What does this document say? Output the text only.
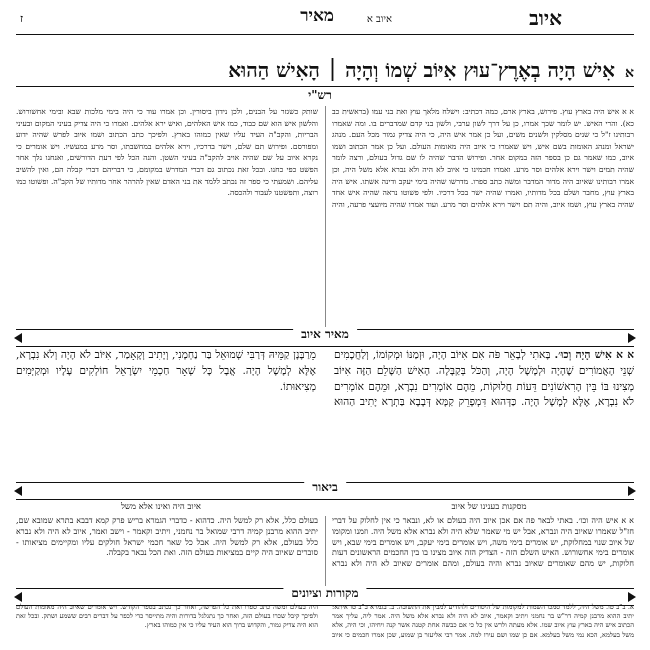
איוב
איוב א
מאיר
ז
אאִישׁ הָיָה בְאֶרֶץ־עוּץ אִיּוֹב שְׁמוֹ וְהָיָה ׀ הָאִישׁ הַהוּא
רש"י
א א איש היה בארץ עוץ. פירוש, בארץ ארם, כמה דכתיב: וישלח מלאך עוץ ואת בני עמו (בראשית כב כא). והרי האיש. יש לומר שכך אמרו, כן על דרך לשון ערבי, ולשון בני קדם שמדברים בו. ומה שאמרו רבותינו ז"ל כי שנים מסלקין ולשנים משים, ועל כן אמר איש היה, כי היה צדיק גמור מכל העם. מנהג ישראל ומנהג האומות בשם איש, ויש שאמרו כי איוב היה מאומות העולם. ועל כן אמר הכתוב ושמו איוב, כמו שאמר גם כן בספר הזה במקום אחר. ופירוש הדבר שהיה לו שם גדול בעולם, ורצה לומר שהיה תמים וישר וירא אלהים וסר מרע. ואמרו חכמינו כי איוב לא היה ולא נברא אלא משל היה, וכן אמרו רבותינו שאיוב היה מדור המדבר ומשה כתב ספרו. מדרשו שהיה בימי יעקב ודינה אשתו. איש היה בארץ עוץ, מחבר ושלם בכל מדותיו, ואמרו שהיה ישר בכל דרכיו. ולפי פשוטו נראה שהיה איש אחד שהיה בארץ עוץ, ושמו איוב, והיה תם וישר וירא אלהים וסר מרע. ועוד אמרו שהיה מיועצי פרעה, והיה שותק כשגזר על הבנים, ולכן נידון ביסורין. וכן אמרו עוד כי היה בימי מלכות שבא ובימי אחשורוש. והלשון איש הוא שם כבוד, כמו איש האלהים, ואיש ירא אלהים. ואמרו כי היה צדיק בעיני המקום ובעיני הבריות, והקב"ה העיד עליו שאין כמוהו בארץ. ולפיכך כתב הכתוב ושמו איוב לפרש שהיה ידוע ומפורסם. ופירוש תם שלם, וישר בדרכיו, וירא אלהים במחשבתו, וסר מרע במעשיו. ויש אומרים כי נקרא איוב על שם שהיה אויב להקב"ה בעיני השטן. והנה הכל לפי דעת הדורשים, ואנחנו נלך אחר הפשט כפי כחנו. ובכל זאת נכתוב גם דברי המדרש במקומם, כי דבריהם דברי קבלה הם, ואין להשיב עליהם. ושמעתי כי ספר זה נכתב ללמד את בני האדם שאין להרהר אחר מדותיו של הקב"ה. ופשוטו כמו רוצה, ותפשטנו לעבור ולהכסה.
מאיר איוב
א א אִישׁ הָיָה וְכוּ׳. בָּאתִי לְבָאֵר פֹּה אִם אִיּוֹב הָיָה, וּזְמַנּוֹ וּמְקוֹמוֹ, וְלַחֲכָמִים שְׁנֵי הָאֲמוֹרִים שֶׁהָיָה וּלְמָשָׁל הָיָה, וְהַכֹּל בְּקַבָּלָה. הָאִישׁ הַשָּׁלֵם הַזֶּה אִיּוֹב מְצִינוּ בּוֹ בֵּין הָרִאשׁוֹנִים דֵּעוֹת חֲלוּקוֹת, מֵהֶם אוֹמְרִים נִבְרָא, וּמֵהֶם אוֹמְרִים לֹא נִבְרָא, אֶלָּא לְמָשָׁל הָיָה. כַּדְּהוּא דִּמְפָרֵק קַמָּא דְּבָבָא בַּתְרָא יָתִיב הַהוּא מֵרַבָּנָן קַמֵּיהּ דְּרַבִּי שְׁמוּאֵל בַּר נַחְמָנִי, וְיָתִיב וְקָאָמַר, אִיּוֹב לֹא הָיָה וְלֹא נִבְרָא, אֶלָּא לְמָשָׁל הָיָה. אֲבָל כָּל שְׁאָר חַכְמֵי יִשְׂרָאֵל חוֹלְקִים עָלָיו וּמְקַיְּמִים מְצִיאוּתוֹ.
ביאור
מסקנות בענינו של איוב
איוב היה ואינו אלא משל
א א איש היה וכו׳. באתי לבאר פה אם אכן איוב היה בעולם או לא, ונבאר כי אין לחלוק על דברי חז"ל שאמרו שאיוב היה ונברא, אבל יש מי שאמר שלא היה ולא נברא אלא משל היה. וזמנו ומקומו של איוב שנוי במחלוקת, יש אומרים בימי משה, ויש אומרים בימי יעקב, ויש אומרים בימי שבא, ויש אומרים בימי אחשורוש. האיש השלם הזה - הצדיק הזה איוב מצינו בו בין החכמים הראשונים דעות חלוקות, יש מהם שאומרים שאיוב נברא והיה בעולם, ומהם אומרים שאיוב לא היה ולא נברא בעולם כלל, אלא רק למשל היה. כדהוא - כדברי הגמרא בריש פרק קמא דבבא בתרא שמובא שם, יתיב ההוא מרבנן קמיה דרבי שמואל בר נחמני, ויתיב וקאמר - וישב ואמר, איוב לא היה ולא נברא כלל בעולם, אלא רק למשל היה. אבל כל שאר חכמי ישראל חולקים עליו ומקיימים מציאותו - סוברים שאיוב היה קיים במציאות בעולם הזה. ואת הכל נבאר בקבלה.
מקורות וציונים
א. ב"ב טו. משל היה, ללמד סמכו השמות למקומות של היסורים ולהודיע למבין את התשובה. ב. בגמרא ב"ב טו איתא: יתיב ההוא מרבנן קמיה דר"ש בר נחמני ויתיב וקאמר, איוב לא היה ולא נברא אלא משל היה. אמר ליה, עליך אמר הכתוב איש היה בארץ עוץ איוב שמו. אלא מעתה ולרש אין כל כי אם כבשה אחת קטנה אשר קנה ויחיהו, וכי היה, אלא משל בעלמא, הכא נמי משל בעלמא. אם כן שמו ושם עירו למה. אמר רבי אליעזר בן שמוע, שכן אמרו חכמים כי איוב היה בעולם ומשה כתב ספרו ואת כל הפרשה, ואחר כך נכתב בספר הקודש. ויש אומרים שאיוב היה מאומות העולם ולפיכך קיבל שכרו בעולם הזה, ואחר כך נתגלגל בדורות והיה מתייסר כדי לכפר על דברים רבים ששמע ושתק. ובכל זאת הוא היה צדיק גמור, והקדוש ברוך הוא העיד עליו כי אין כמוהו בארץ.
